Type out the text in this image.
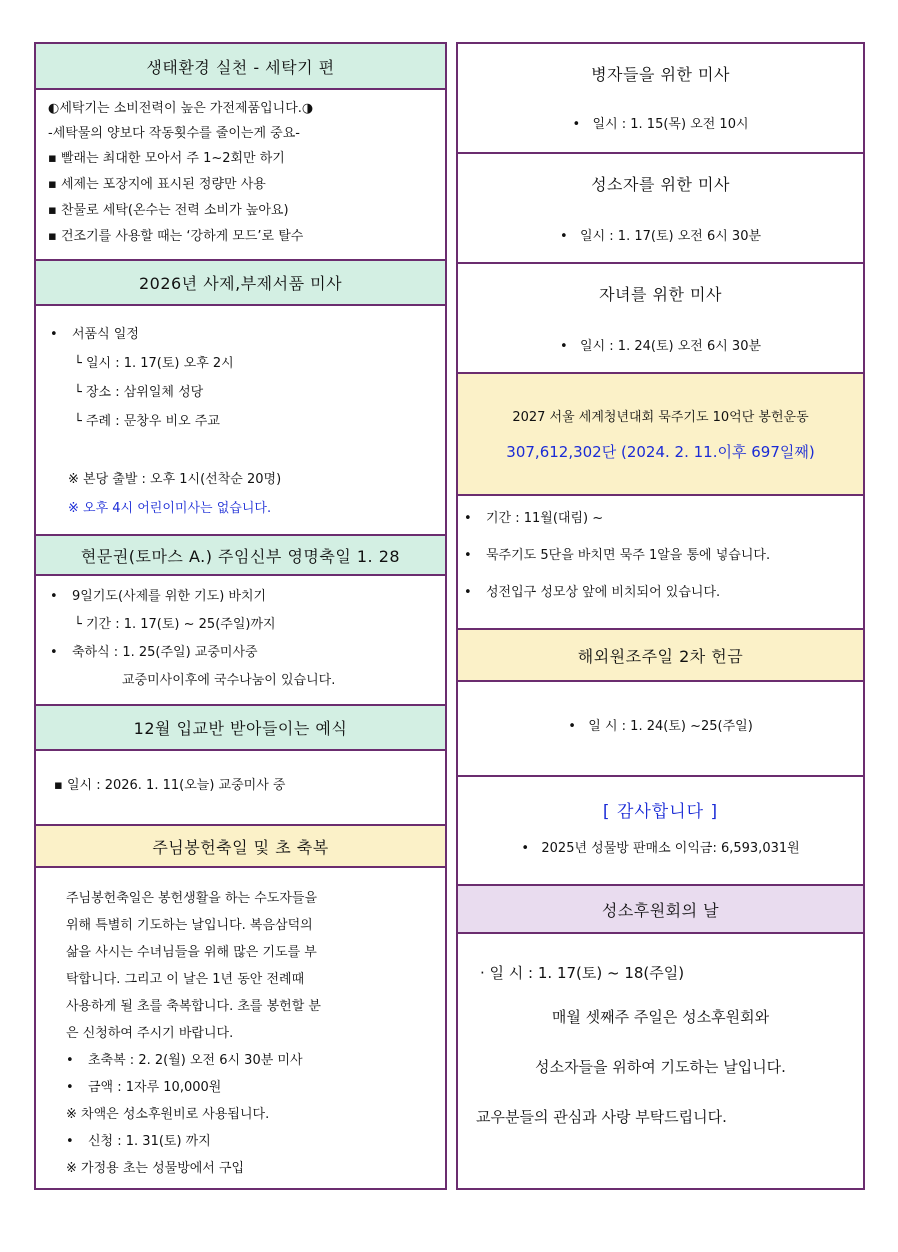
생태환경 실천 - 세탁기 편
◐세탁기는 소비전력이 높은 가전제품입니다.◑
-세탁물의 양보다 작동횟수를 줄이는게 중요-
▪ 빨래는 최대한 모아서 주 1~2회만 하기
▪ 세제는 포장지에 표시된 정량만 사용
▪ 찬물로 세탁(온수는 전력 소비가 높아요)
▪ 건조기를 사용할 때는 ‘강하게 모드’로 탈수
2026년 사제,부제서품 미사
• 서품식 일정
└ 일시 : 1. 17(토) 오후 2시
└ 장소 : 삼위일체 성당
└ 주례 : 문창우 비오 주교
※ 본당 출발 : 오후 1시(선착순 20명)
※ 오후 4시 어린이미사는 없습니다.
현문권(토마스 A.) 주임신부 영명축일 1. 28
• 9일기도(사제를 위한 기도) 바치기
└ 기간 : 1. 17(토) ~ 25(주일)까지
• 축하식 : 1. 25(주일) 교중미사중
교중미사이후에 국수나눔이 있습니다.
12월 입교반 받아들이는 예식
▪ 일시 : 2026. 1. 11(오늘) 교중미사 중
주님봉헌축일 및 초 축복
주님봉헌축일은 봉헌생활을 하는 수도자들을
위해 특별히 기도하는 날입니다. 복음삼덕의
삶을 사시는 수녀님들을 위해 많은 기도를 부
탁합니다. 그리고 이 날은 1년 동안 전례때
사용하게 될 초를 축복합니다. 초를 봉헌할 분
은 신청하여 주시기 바랍니다.
• 초축복 : 2. 2(월) 오전 6시 30분 미사
• 금액 : 1자루 10,000원
※ 차액은 성소후원비로 사용됩니다.
• 신청 : 1. 31(토) 까지
※ 가정용 초는 성물방에서 구입
병자들을 위한 미사
•   일시 : 1. 15(목) 오전 10시
성소자를 위한 미사
•   일시 : 1. 17(토) 오전 6시 30분
자녀를 위한 미사
•   일시 : 1. 24(토) 오전 6시 30분
2027 서울 세계청년대회 묵주기도 10억단 봉헌운동
307,612,302단 (2024. 2. 11.이후 697일째)
• 기간 : 11월(대림) ~
• 묵주기도 5단을 바치면 묵주 1알을 통에 넣습니다.
• 성전입구 성모상 앞에 비치되어 있습니다.
해외원조주일 2차 헌금
•   일 시 : 1. 24(토) ~25(주일)
[ 감사합니다 ]
•   2025년 성물방 판매소 이익금: 6,593,031원
성소후원회의 날
· 일 시 : 1. 17(토) ~ 18(주일)
매월 셋째주 주일은 성소후원회와
성소자들을 위하여 기도하는 날입니다.
교우분들의 관심과 사랑 부탁드립니다.
